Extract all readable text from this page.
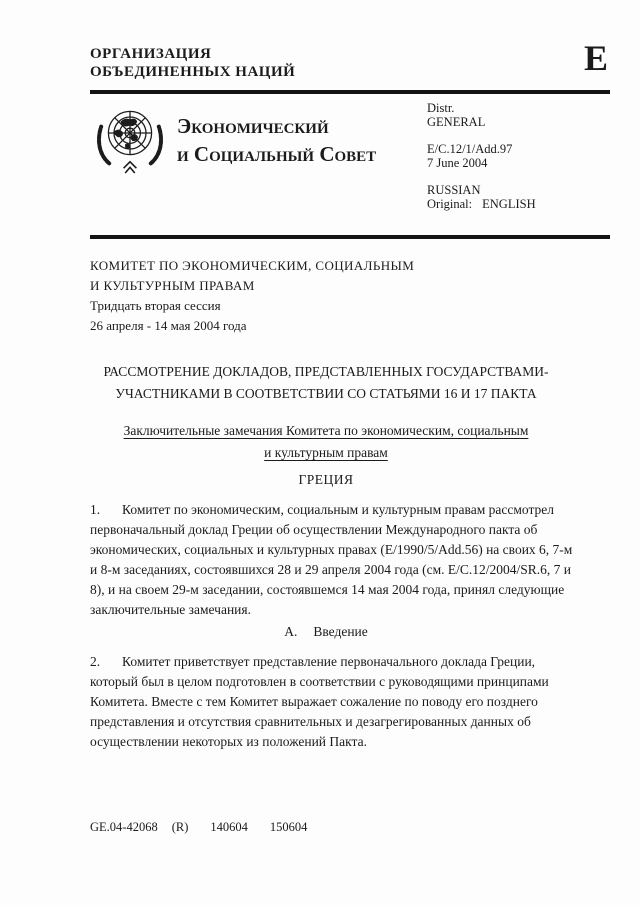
ОРГАНИЗАЦИЯ
ОБЪЕДИНЕННЫХ НАЦИЙ	E
Экономический
и Социальный Совет
Distr.
GENERAL
E/C.12/1/Add.97
7 June 2004
RUSSIAN
Original: ENGLISH
КОМИТЕТ ПО ЭКОНОМИЧЕСКИМ, СОЦИАЛЬНЫМ
И КУЛЬТУРНЫМ ПРАВАМ
Тридцать вторая сессия
26 апреля - 14 мая 2004 года
РАССМОТРЕНИЕ ДОКЛАДОВ, ПРЕДСТАВЛЕННЫХ ГОСУДАРСТВАМИ-
УЧАСТНИКАМИ В СООТВЕТСТВИИ СО СТАТЬЯМИ 16 И 17 ПАКТА
Заключительные замечания Комитета по экономическим, социальным
и культурным правам
ГРЕЦИЯ

1. Комитет по экономическим, социальным и культурным правам рассмотрел первоначальный доклад Греции об осуществлении Международного пакта об экономических, социальных и культурных правах (E/1990/5/Add.56) на своих 6, 7-м и 8-м заседаниях, состоявшихся 28 и 29 апреля 2004 года (см. E/C.12/2004/SR.6, 7 и 8), и на своем 29-м заседании, состоявшемся 14 мая 2004 года, принял следующие заключительные замечания.

A. Введение

2. Комитет приветствует представление первоначального доклада Греции, который был в целом подготовлен в соответствии с руководящими принципами Комитета. Вместе с тем Комитет выражает сожаление по поводу его позднего представления и отсутствия сравнительных и дезагрегированных данных об осуществлении некоторых из положений Пакта.

GE.04-42068 (R) 140604 150604
